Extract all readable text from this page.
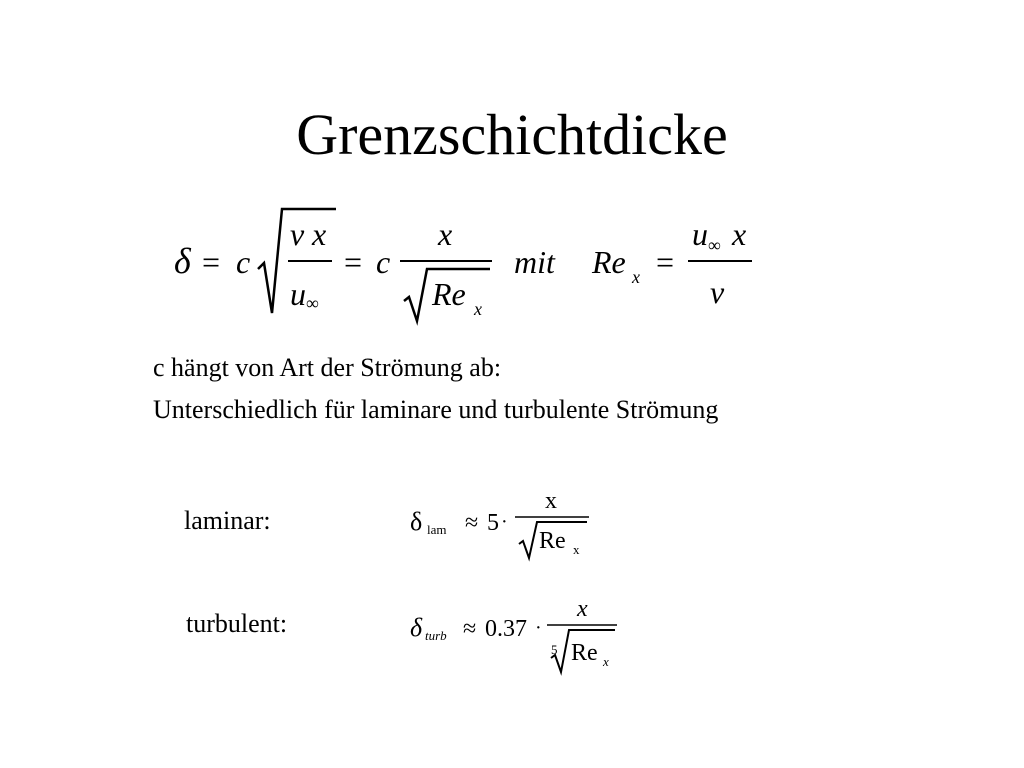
Grenzschichtdicke
δ = c
ν x
u ∞
= c
x
Re x
mit Re x =
u ∞ x
ν
c hängt von Art der Strömung ab:
Unterschiedlich für laminare und turbulente Strömung
laminar:	δ lam ≈ 5 ·
x
Re x
turbulent:	δ turb ≈ 0.37 ·
x
5 Re x
